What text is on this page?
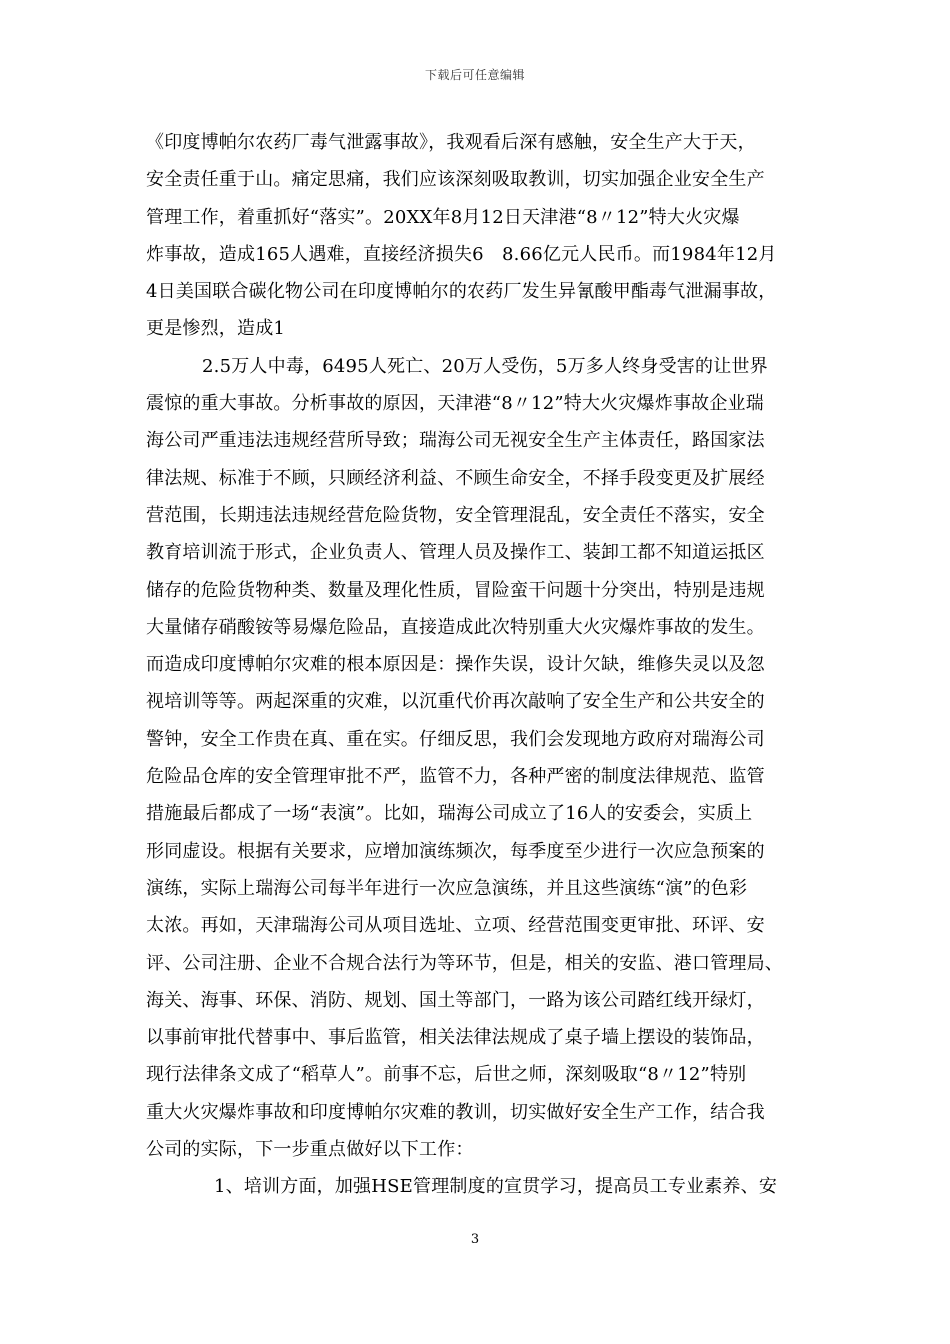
下载后可任意编辑
《印度博帕尔农药厂毒气泄露事故》，我观看后深有感触，安全生产大于天，
安全责任重于山。痛定思痛，我们应该深刻吸取教训，切实加强企业安全生产
管理工作，着重抓好“落实”。20XX年8月12日天津港“8〃12”特大火灾爆
炸事故，造成165人遇难，直接经济损失6　8.66亿元人民币。而1984年12月
4日美国联合碳化物公司在印度博帕尔的农药厂发生异氰酸甲酯毒气泄漏事故，
更是惨烈，造成1
2.5万人中毒，6495人死亡、20万人受伤，5万多人终身受害的让世界
震惊的重大事故。分析事故的原因，天津港“8〃12”特大火灾爆炸事故企业瑞
海公司严重违法违规经营所导致；瑞海公司无视安全生产主体责任，路国家法
律法规、标准于不顾，只顾经济利益、不顾生命安全，不择手段变更及扩展经
营范围，长期违法违规经营危险货物，安全管理混乱，安全责任不落实，安全
教育培训流于形式，企业负责人、管理人员及操作工、装卸工都不知道运抵区
储存的危险货物种类、数量及理化性质，冒险蛮干问题十分突出，特别是违规
大量储存硝酸铵等易爆危险品，直接造成此次特别重大火灾爆炸事故的发生。
而造成印度博帕尔灾难的根本原因是：操作失误，设计欠缺，维修失灵以及忽
视培训等等。两起深重的灾难，以沉重代价再次敲响了安全生产和公共安全的
警钟，安全工作贵在真、重在实。仔细反思，我们会发现地方政府对瑞海公司
危险品仓库的安全管理审批不严，监管不力，各种严密的制度法律规范、监管
措施最后都成了一场“表演”。比如，瑞海公司成立了16人的安委会，实质上
形同虚设。根据有关要求，应增加演练频次，每季度至少进行一次应急预案的
演练，实际上瑞海公司每半年进行一次应急演练，并且这些演练“演”的色彩
太浓。再如，天津瑞海公司从项目选址、立项、经营范围变更审批、环评、安
评、公司注册、企业不合规合法行为等环节，但是，相关的安监、港口管理局、
海关、海事、环保、消防、规划、国土等部门，一路为该公司踏红线开绿灯，
以事前审批代替事中、事后监管，相关法律法规成了桌子墙上摆设的装饰品，
现行法律条文成了“稻草人”。前事不忘，后世之师，深刻吸取“8〃12”特别
重大火灾爆炸事故和印度博帕尔灾难的教训，切实做好安全生产工作，结合我
公司的实际，下一步重点做好以下工作：
1、培训方面，加强HSE管理制度的宣贯学习，提高员工专业素养、安
3
